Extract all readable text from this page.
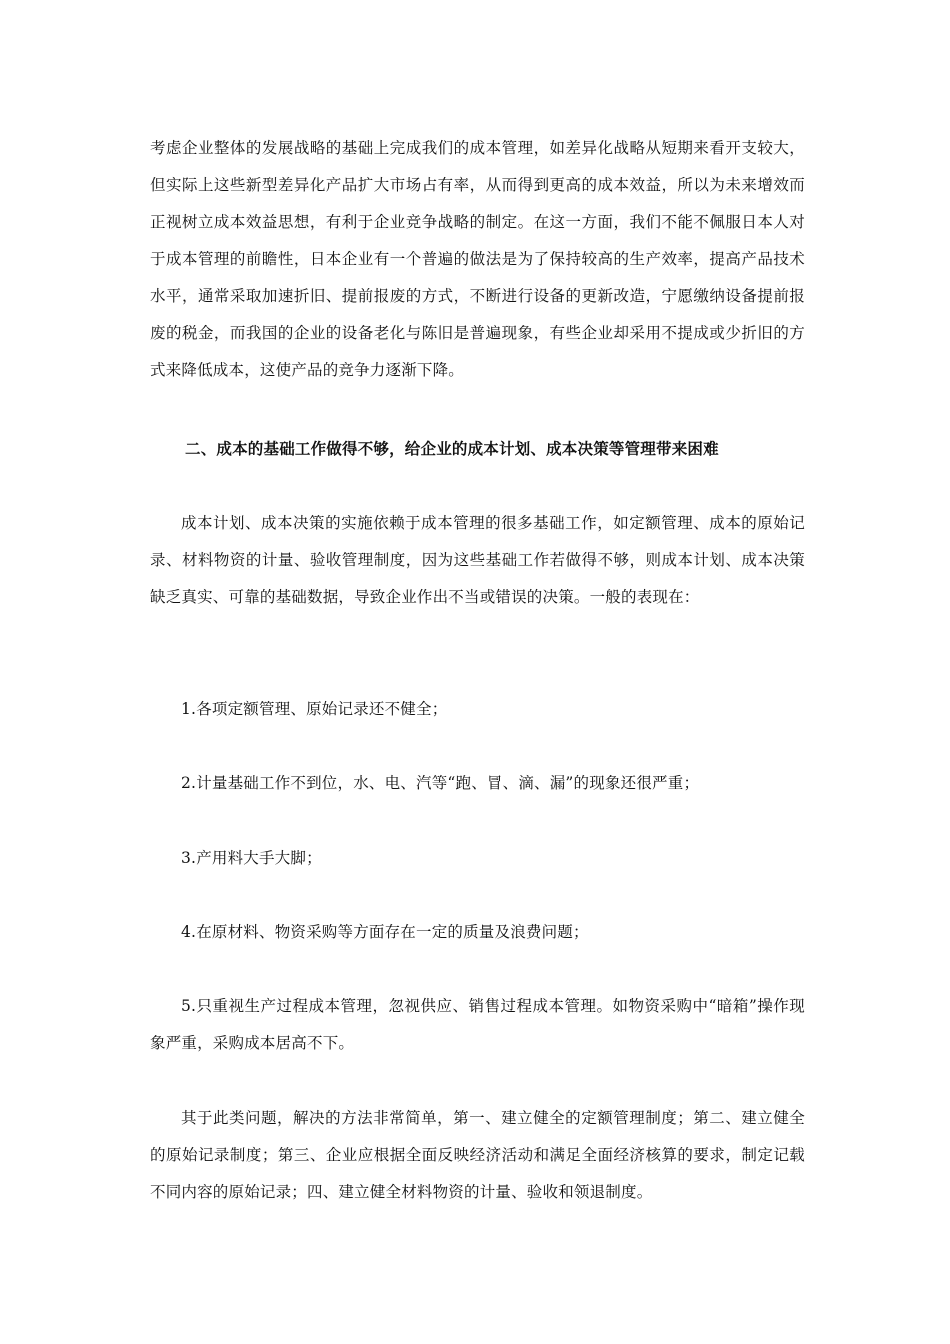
考虑企业整体的发展战略的基础上完成我们的成本管理，如差异化战略从短期来看开支较大，但实际上这些新型差异化产品扩大市场占有率，从而得到更高的成本效益，所以为未来增效而正视树立成本效益思想，有利于企业竞争战略的制定。在这一方面，我们不能不佩服日本人对于成本管理的前瞻性，日本企业有一个普遍的做法是为了保持较高的生产效率，提高产品技术水平，通常采取加速折旧、提前报废的方式，不断进行设备的更新改造，宁愿缴纳设备提前报废的税金，而我国的企业的设备老化与陈旧是普遍现象，有些企业却采用不提成或少折旧的方式来降低成本，这使产品的竞争力逐渐下降。

二、成本的基础工作做得不够，给企业的成本计划、成本决策等管理带来困难

成本计划、成本决策的实施依赖于成本管理的很多基础工作，如定额管理、成本的原始记录、材料物资的计量、验收管理制度，因为这些基础工作若做得不够，则成本计划、成本决策缺乏真实、可靠的基础数据，导致企业作出不当或错误的决策。一般的表现在：

1.各项定额管理、原始记录还不健全；

2.计量基础工作不到位，水、电、汽等“跑、冒、滴、漏”的现象还很严重；

3.产用料大手大脚；

4.在原材料、物资采购等方面存在一定的质量及浪费问题；

5.只重视生产过程成本管理，忽视供应、销售过程成本管理。如物资采购中“暗箱”操作现象严重，采购成本居高不下。

其于此类问题，解决的方法非常简单，第一、建立健全的定额管理制度；第二、建立健全的原始记录制度；第三、企业应根据全面反映经济活动和满足全面经济核算的要求，制定记载不同内容的原始记录；四、建立健全材料物资的计量、验收和领退制度。
